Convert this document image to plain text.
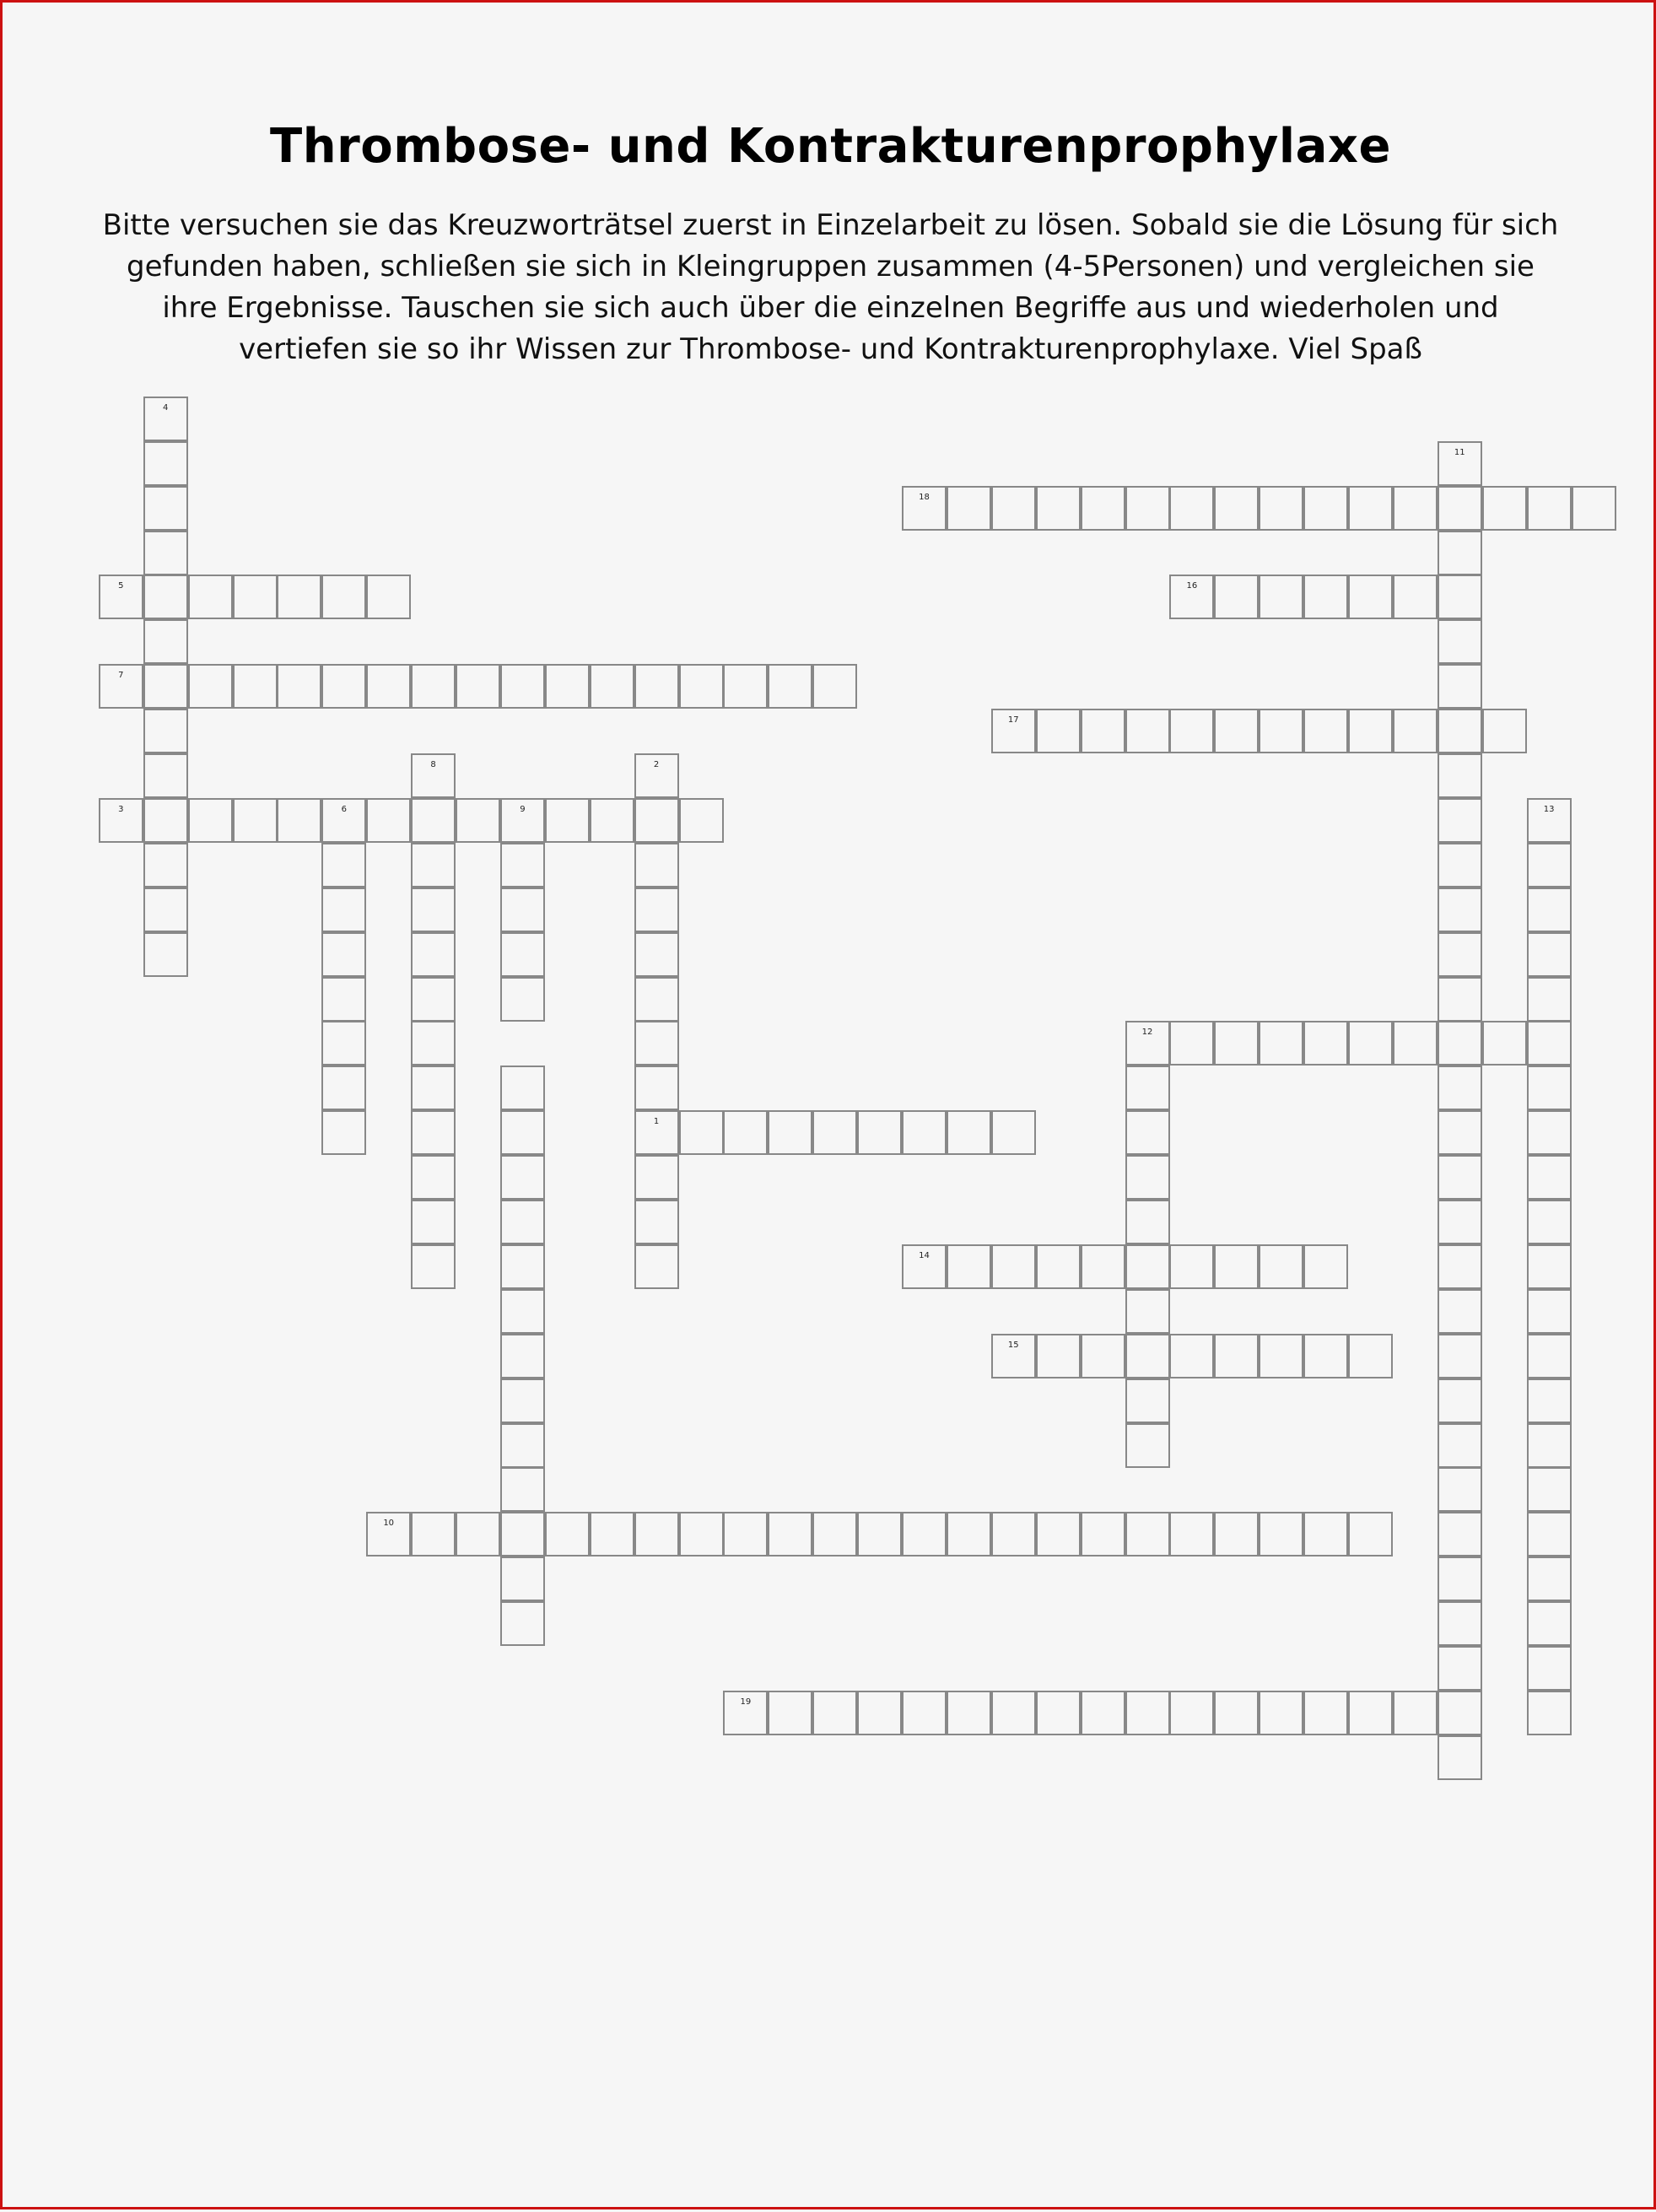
Thrombose- und Kontrakturenprophylaxe

Bitte versuchen sie das Kreuzworträtsel zuerst in Einzelarbeit zu lösen. Sobald sie die Lösung für sich gefunden haben, schließen sie sich in Kleingruppen zusammen (4-5Personen) und vergleichen sie ihre Ergebnisse. Tauschen sie sich auch über die einzelnen Begriffe aus und wiederholen und vertiefen sie so ihr Wissen zur Thrombose- und Kontrakturenprophylaxe. Viel Spaß

4
5
7
3	6	9
8	2
1
10
11
18
16
17
13
12
14
15
19
